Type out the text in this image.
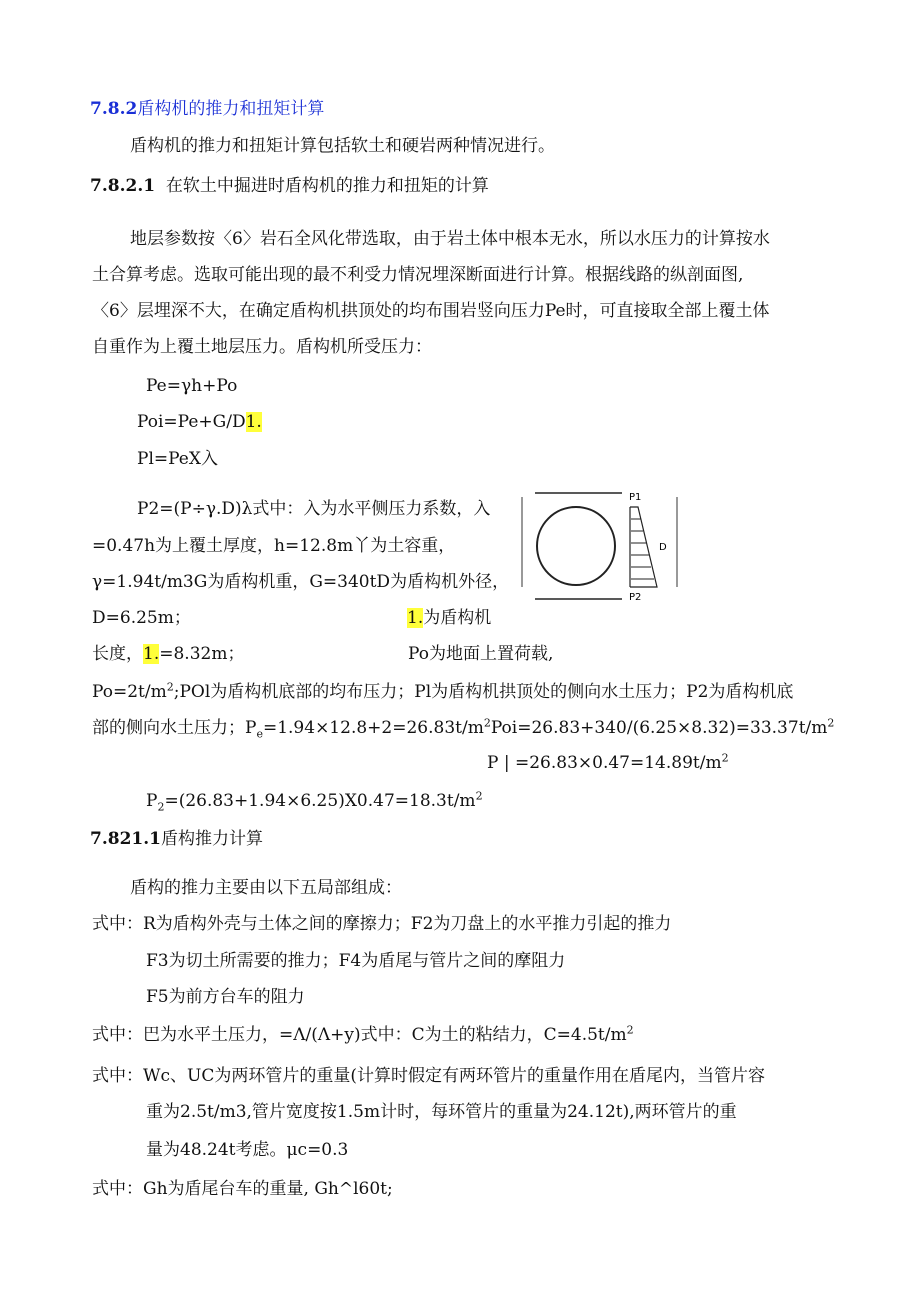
7.8.2盾构机的推力和扭矩计算
盾构机的推力和扭矩计算包括软土和硬岩两种情况进行。
7.8.2.1 在软土中掘进时盾构机的推力和扭矩的计算
地层参数按〈6〉岩石全风化带选取，由于岩土体中根本无水，所以水压力的计算按水
土合算考虑。选取可能出现的最不利受力情况埋深断面进行计算。根据线路的纵剖面图,
〈6〉层埋深不大，在确定盾构机拱顶处的均布围岩竖向压力Pe时，可直接取全部上覆土体
自重作为上覆土地层压力。盾构机所受压力：
Pe=γh+Po
Poi=Pe+G/D1.
Pl=PeX入
P2=(P÷γ.D)λ式中：入为水平侧压力系数，入
=0.47h为上覆土厚度，h=12.8m丫为土容重，
γ=1.94t/m3G为盾构机重，G=340tD为盾构机外径，
D=6.25m；	1.为盾构机
长度，1.=8.32m；	Po为地面上置荷载,
$Po=2t/m^2;POl$为盾构机底部的均布压力；Pl为盾构机拱顶处的侧向水土压力；P2为盾构机底
部的侧向水土压力；$P_e=1.94\times 12.8+2=26.83t/m^2Poi=26.83+340/(6.25\times 8.32)=33.37t/m^2$
P | $=26.83\times 0.47=14.89t/m^2$
$P_2=(26.83+1.94\times 6.25)X0.47=18.3t/m^2$
P1
D
P2
7.821.1盾构推力计算
盾构的推力主要由以下五局部组成：
式中：R为盾构外壳与土体之间的摩擦力；F2为刀盘上的水平推力引起的推力
F3为切土所需要的推力；F4为盾尾与管片之间的摩阻力
F5为前方台车的阻力
式中：巴为水平土压力，=Λ/(Λ+y)式中：C为土的粘结力，$C=4.5t/m^2$
式中：Wc、UC为两环管片的重量(计算时假定有两环管片的重量作用在盾尾内，当管片容
重为2.5t/m3,管片宽度按1.5m计时，每环管片的重量为24.12t),两环管片的重
量为48.24t考虑。μc=0.3
式中：Gh为盾尾台车的重量, Gh^l60t;
